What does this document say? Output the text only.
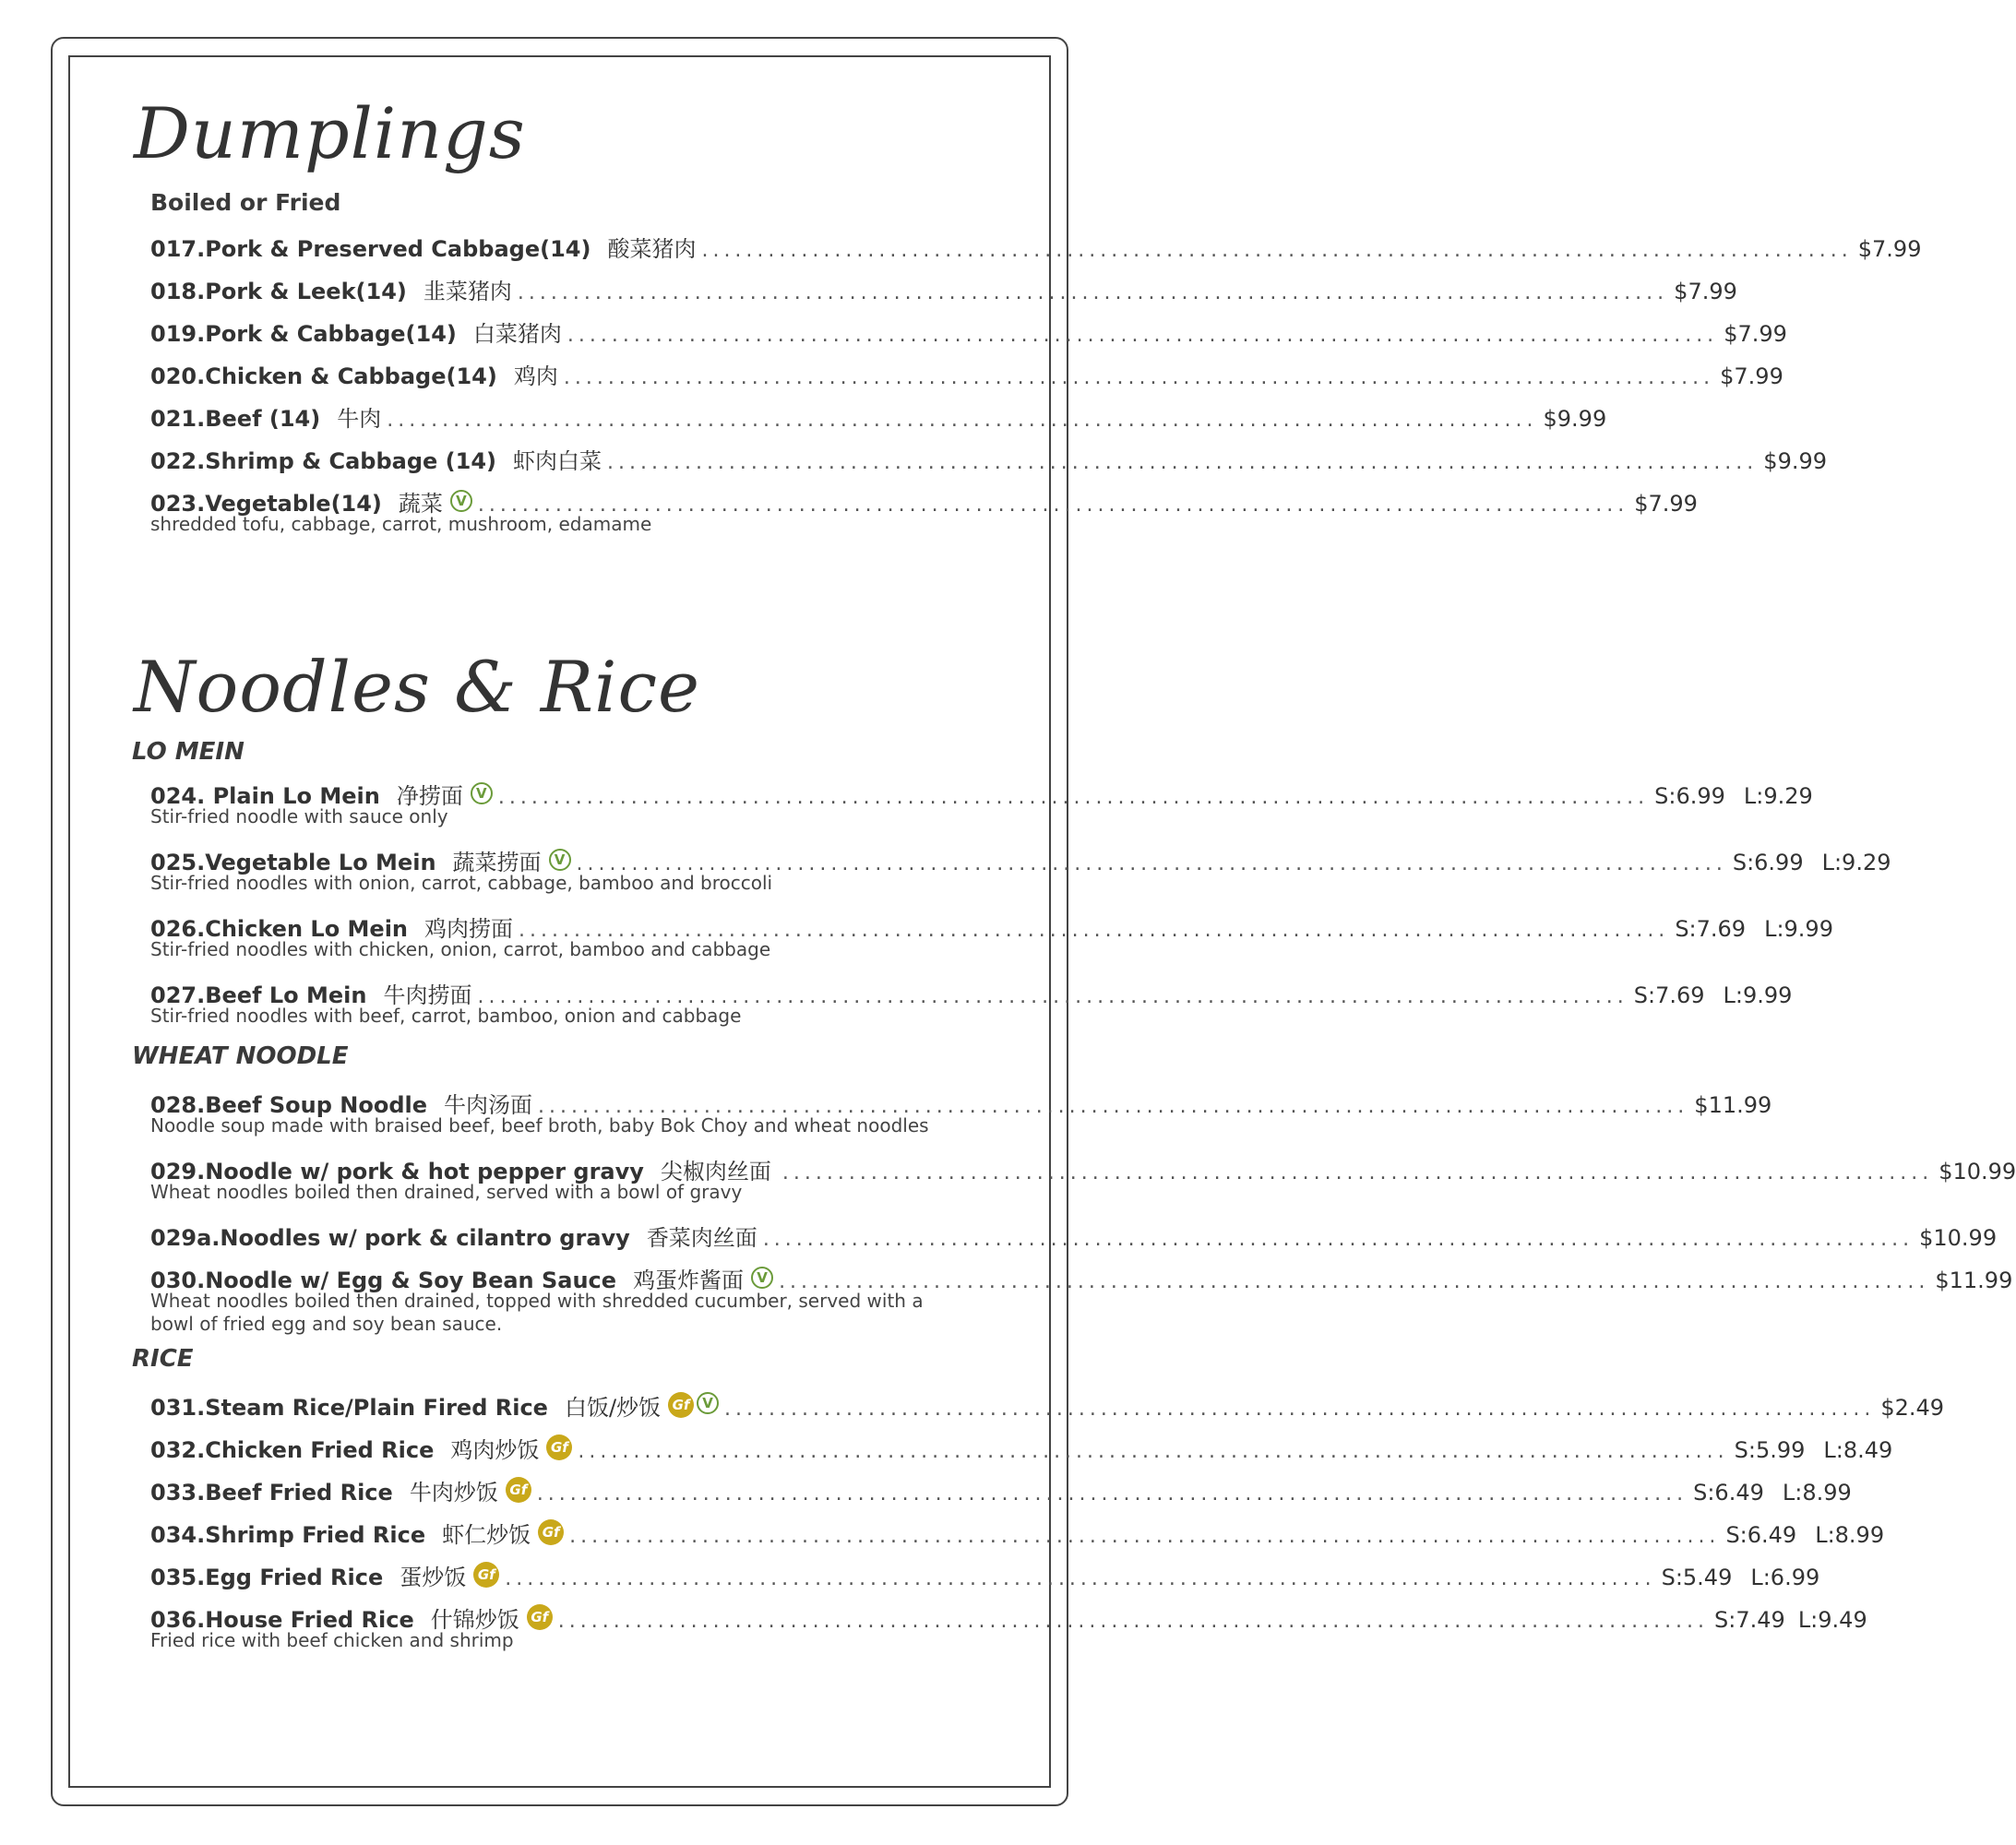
Dumplings
Boiled or Fried
017.Pork & Preserved Cabbage(14) 酸菜猪肉 ........................................................................................................ $7.99
018.Pork & Leek(14) 韭菜猪肉 ........................................................................................................ $7.99
019.Pork & Cabbage(14) 白菜猪肉 ........................................................................................................ $7.99
020.Chicken & Cabbage(14) 鸡肉 ........................................................................................................ $7.99
021.Beef (14) 牛肉 ........................................................................................................ $9.99
022.Shrimp & Cabbage (14) 虾肉白菜 ........................................................................................................ $9.99
023.Vegetable(14) 蔬菜 V ........................................................................................................ $7.99
shredded tofu, cabbage, carrot, mushroom, edamame
Noodles & Rice
LO MEIN
024. Plain Lo Mein 净捞面 V ........................................................................................................ S:6.99 L:9.29
Stir-fried noodle with sauce only
025.Vegetable Lo Mein 蔬菜捞面 V ........................................................................................................ S:6.99 L:9.29
Stir-fried noodles with onion, carrot, cabbage, bamboo and broccoli
026.Chicken Lo Mein 鸡肉捞面 ........................................................................................................ S:7.69 L:9.99
Stir-fried noodles with chicken, onion, carrot, bamboo and cabbage
027.Beef Lo Mein 牛肉捞面 ........................................................................................................ S:7.69 L:9.99
Stir-fried noodles with beef, carrot, bamboo, onion and cabbage
WHEAT NOODLE
028.Beef Soup Noodle 牛肉汤面 ........................................................................................................ $11.99
Noodle soup made with braised beef, beef broth, baby Bok Choy and wheat noodles
029.Noodle w/ pork & hot pepper gravy 尖椒肉丝面 ........................................................................................................ $10.99
Wheat noodles boiled then drained, served with a bowl of gravy
029a.Noodles w/ pork & cilantro gravy 香菜肉丝面 ........................................................................................................ $10.99
030.Noodle w/ Egg & Soy Bean Sauce 鸡蛋炸酱面 V ........................................................................................................ $11.99
Wheat noodles boiled then drained, topped with shredded cucumber, served with a bowl of fried egg and soy bean sauce.
RICE
031.Steam Rice/Plain Fired Rice 白饭/炒饭 Gf V ........................................................................................................ $2.49
032.Chicken Fried Rice 鸡肉炒饭 Gf ........................................................................................................ S:5.99 L:8.49
033.Beef Fried Rice 牛肉炒饭 Gf ........................................................................................................ S:6.49 L:8.99
034.Shrimp Fried Rice 虾仁炒饭 Gf ........................................................................................................ S:6.49 L:8.99
035.Egg Fried Rice 蛋炒饭 Gf ........................................................................................................ S:5.49 L:6.99
036.House Fried Rice 什锦炒饭 Gf ........................................................................................................ S:7.49 L:9.49
Fried rice with beef chicken and shrimp
